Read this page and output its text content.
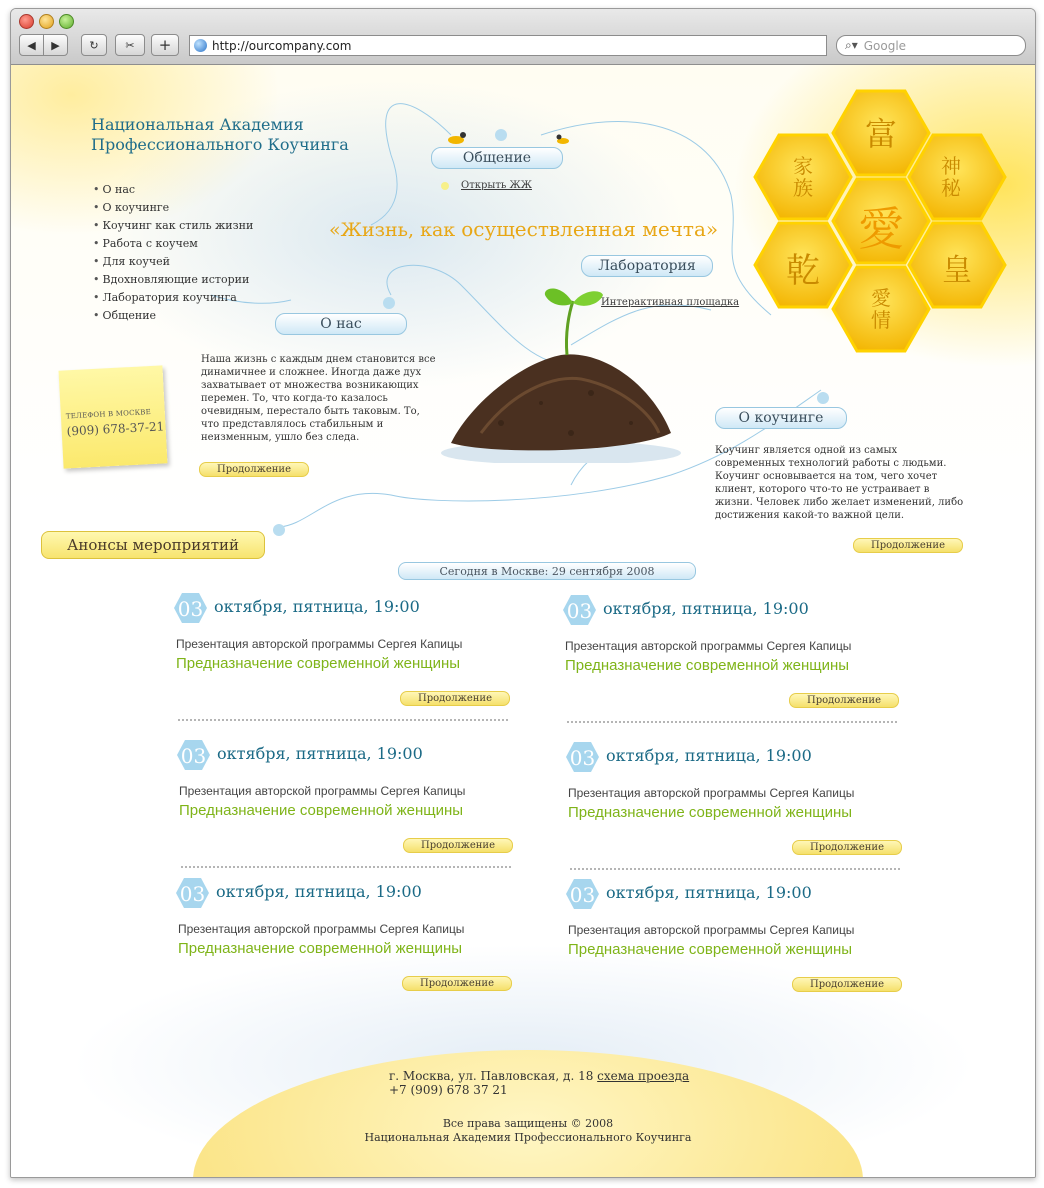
◀ ▶	↻ ✂ +	http://ourcompany.com	⌕▾ Google
Национальная Академия Профессионального Коучинга
• О нас
• О коучинге
• Коучинг как стиль жизни
• Работа с коучем
• Для коучей
• Вдохновляющие истории
• Лаборатория коучинга
• Общение
Общение
Открыть ЖЖ
«Жизнь, как осуществленная мечта»
Лаборатория
Интерактивная площадка
О нас
Наша жизнь с каждым днем становится все динамичнее и сложнее. Иногда даже дух захватывает от множества возникающих перемен. То, что когда-то казалось очевидным, перестало быть таковым. То, что представлялось стабильным и неизменным, ушло без следа.
Продолжение
ТЕЛЕФОН В МОСКВЕ
(909) 678-37-21
富
神秘
家族
愛
乾	皇
愛情
О коучинге
Коучинг является одной из самых современных технологий работы с людьми. Коучинг основывается на том, чего хочет клиент, которого что-то не устраивает в жизни. Человек либо желает изменений, либо достижения какой-то важной цели.
Продолжение
Анонсы мероприятий
Сегодня в Москве: 29 сентября 2008
03 октября, пятница, 19:00
Презентация авторской программы Сергея Капицы
Предназначение современной женщины
Продолжение
03 октября, пятница, 19:00
Презентация авторской программы Сергея Капицы
Предназначение современной женщины
Продолжение
03 октября, пятница, 19:00
Презентация авторской программы Сергея Капицы
Предназначение современной женщины
Продолжение
03 октября, пятница, 19:00
Презентация авторской программы Сергея Капицы
Предназначение современной женщины
Продолжение
03 октября, пятница, 19:00
Презентация авторской программы Сергея Капицы
Предназначение современной женщины
Продолжение
03 октября, пятница, 19:00
Презентация авторской программы Сергея Капицы
Предназначение современной женщины
Продолжение
г. Москва, ул. Павловская, д. 18 схема проезда
+7 (909) 678 37 21
Все права защищены © 2008
Национальная Академия Профессионального Коучинга
